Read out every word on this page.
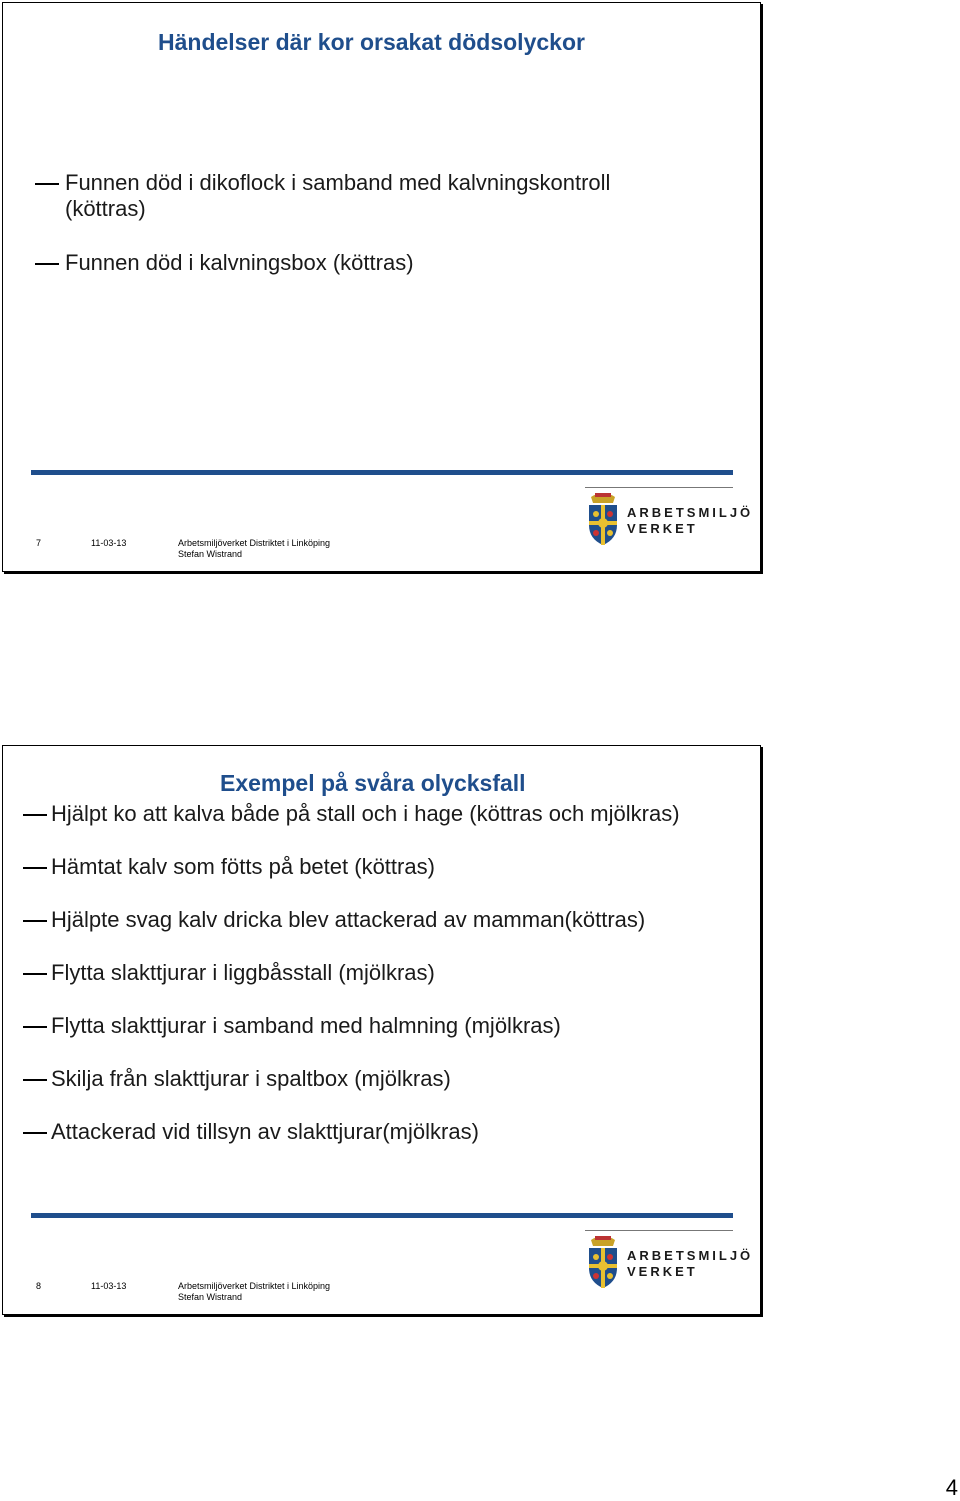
Händelser där kor orsakat dödsolyckor
Funnen död i dikoflock i samband med kalvningskontroll (köttras)
Funnen död i kalvningsbox (köttras)
7	11-03-13	Arbetsmiljöverket Distriktet i Linköping
Stefan Wistrand
ARBETSMILJÖ
VERKET
Exempel på svåra olycksfall
Hjälpt ko att kalva både på stall och i hage (köttras och mjölkras)
Hämtat kalv som fötts på betet (köttras)
Hjälpte svag kalv dricka blev attackerad av mamman(köttras)
Flytta slakttjurar i liggbåsstall (mjölkras)
Flytta slakttjurar i samband med halmning (mjölkras)
Skilja från slakttjurar i spaltbox (mjölkras)
Attackerad vid tillsyn av slakttjurar(mjölkras)
8	11-03-13	Arbetsmiljöverket Distriktet i Linköping
Stefan Wistrand
ARBETSMILJÖ
VERKET
4
